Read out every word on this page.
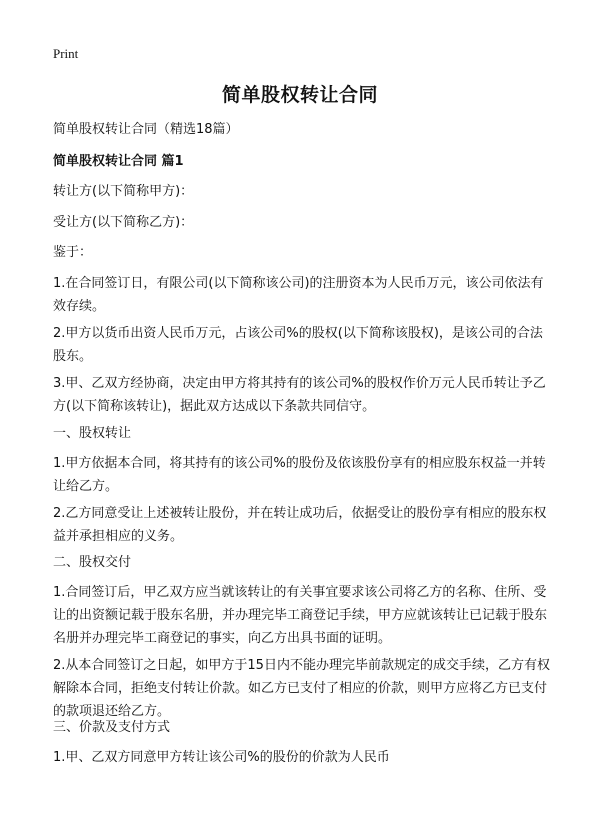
Print
简单股权转让合同

简单股权转让合同（精选18篇）

简单股权转让合同 篇1

转让方(以下简称甲方)：

受让方(以下简称乙方)：

鉴于：

1.在合同签订日，有限公司(以下简称该公司)的注册资本为人民币万元，该公司依法有效存续。

2.甲方以货币出资人民币万元，占该公司%的股权(以下简称该股权)，是该公司的合法股东。

3.甲、乙双方经协商，决定由甲方将其持有的该公司%的股权作价万元人民币转让予乙方(以下简称该转让)，据此双方达成以下条款共同信守。

一、股权转让

1.甲方依据本合同，将其持有的该公司%的股份及依该股份享有的相应股东权益一并转让给乙方。

2.乙方同意受让上述被转让股份，并在转让成功后，依据受让的股份享有相应的股东权益并承担相应的义务。

二、股权交付

1.合同签订后，甲乙双方应当就该转让的有关事宜要求该公司将乙方的名称、住所、受让的出资额记载于股东名册，并办理完毕工商登记手续，甲方应就该转让已记载于股东名册并办理完毕工商登记的事实，向乙方出具书面的证明。

2.从本合同签订之日起，如甲方于15日内不能办理完毕前款规定的成交手续，乙方有权解除本合同，拒绝支付转让价款。如乙方已支付了相应的价款，则甲方应将乙方已支付的款项退还给乙方。

三、价款及支付方式

1.甲、乙双方同意甲方转让该公司%的股份的价款为人民币
